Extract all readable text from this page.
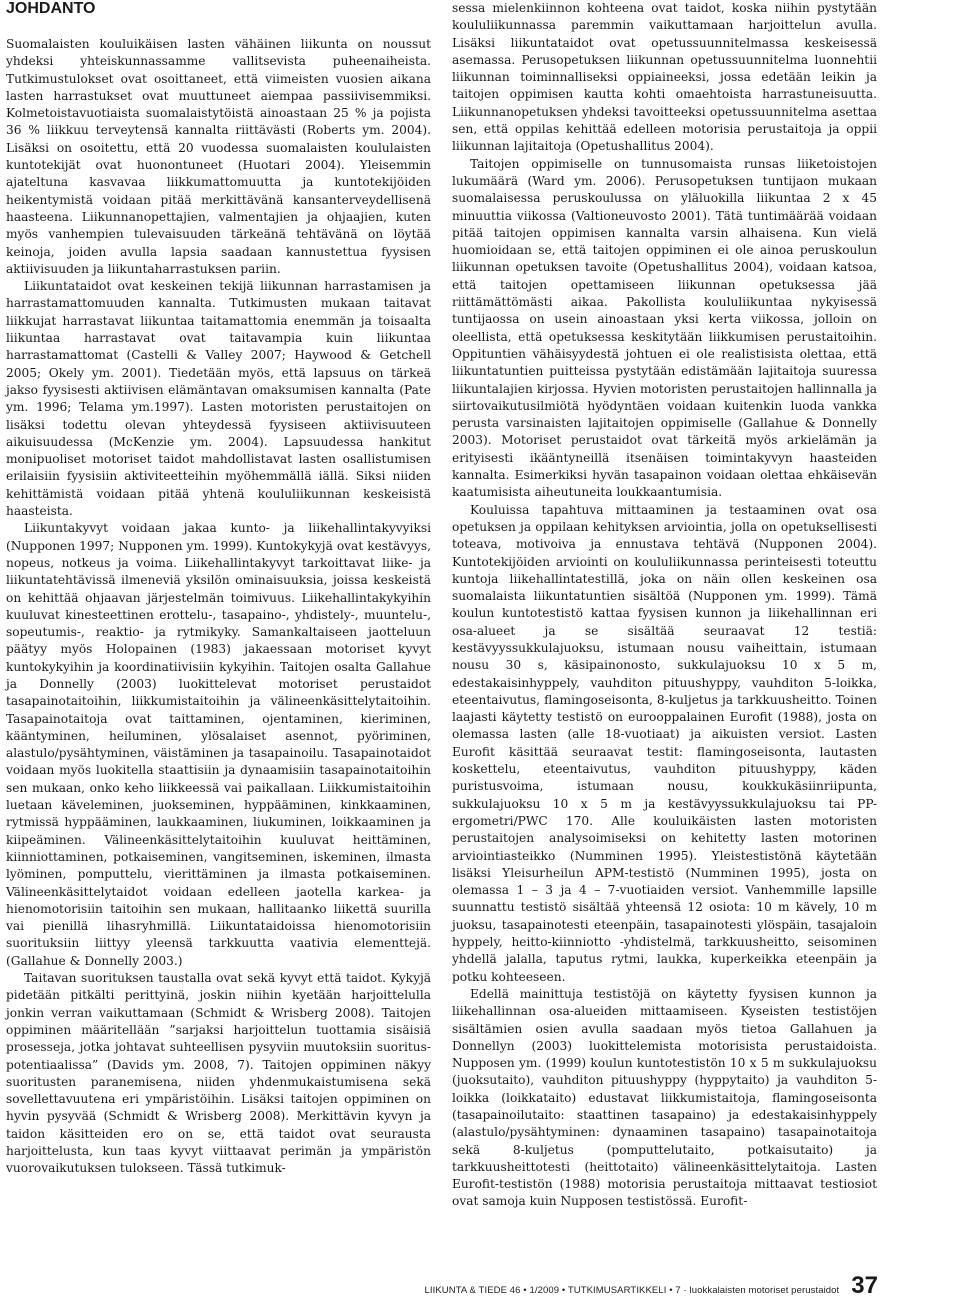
JOHDANTO

Suomalaisten kouluikäisen lasten vähäinen liikunta on noussut yhdeksi yhteiskunnassamme vallitsevista puheenaiheista. Tutkimustulokset ovat osoittaneet, että viimeisten vuosien aikana lasten harrastukset ovat muuttuneet aiempaa passiivisemmiksi. Kolmetoistavuotiaista suomalaistytöistä ainoastaan 25 % ja pojista 36 % liikkuu terveytensä kannalta riittävästi (Roberts ym. 2004). Lisäksi on osoitettu, että 20 vuodessa suomalaisten koululaisten kuntotekijät ovat huonontuneet (Huotari 2004). Yleisemmin ajateltuna kasvavaa liikkumattomuutta ja kuntotekijöiden heikentymistä voidaan pitää merkittävänä kansanterveydellisenä haasteena. Liikunnanopettajien, valmentajien ja ohjaajien, kuten myös vanhempien tulevaisuuden tärkeänä tehtävänä on löytää keinoja, joiden avulla lapsia saadaan kannustettua fyysisen aktiivisuuden ja liikuntaharrastuksen pariin.

Liikuntataidot ovat keskeinen tekijä liikunnan harrastamisen ja harrastamattomuuden kannalta. Tutkimusten mukaan taitavat liikkujat harrastavat liikuntaa taitamattomia enemmän ja toisaalta liikuntaa harrastavat ovat taitavampia kuin liikuntaa harrastamattomat (Castelli & Valley 2007; Haywood & Getchell 2005; Okely ym. 2001). Tiedetään myös, että lapsuus on tärkeä jakso fyysisesti aktiivisen elämäntavan omaksumisen kannalta (Pate ym. 1996; Telama ym.1997). Lasten motoristen perustaitojen on lisäksi todettu olevan yhteydessä fyysiseen aktiivisuuteen aikuisuudessa (McKenzie ym. 2004). Lapsuudessa hankitut monipuoliset motoriset taidot mahdollistavat lasten osallistumisen erilaisiin fyysisiin aktiviteetteihin myöhemmällä iällä. Siksi niiden kehittämistä voidaan pitää yhtenä koululiikunnan keskeisistä haasteista.

Liikuntakyvyt voidaan jakaa kunto- ja liikehallintakyvyiksi (Nupponen 1997; Nupponen ym. 1999). Kuntokykyjä ovat kestävyys, nopeus, notkeus ja voima. Liikehallintakyvyt tarkoittavat liike- ja liikuntatehtävissä ilmeneviä yksilön ominaisuuksia, joissa keskeistä on kehittää ohjaavan järjestelmän toimivuus. Liikehallintakykyihin kuuluvat kinesteettinen erottelu-, tasapaino-, yhdistely-, muuntelu-, sopeutumis-, reaktio- ja rytmikyky. Samankaltaiseen jaotteluun päätyy myös Holopainen (1983) jakaessaan motoriset kyvyt kuntokykyihin ja koordinatiivisiin kykyihin. Taitojen osalta Gallahue ja Donnelly (2003) luokittelevat motoriset perustaidot tasapainotaitoihin, liikkumistaitoihin ja välineenkäsittelytaitoihin. Tasapainotaitoja ovat taittaminen, ojentaminen, kieriminen, kääntyminen, heiluminen, ylösalaiset asennot, pyöriminen, alastulo/pysähtyminen, väistäminen ja tasapainoilu. Tasapainotaidot voidaan myös luokitella staattisiin ja dynaamisiin tasapainotaitoihin sen mukaan, onko keho liikkeessä vai paikallaan. Liikkumistaitoihin luetaan käveleminen, juokseminen, hyppääminen, kinkkaaminen, rytmissä hyppääminen, laukkaaminen, liukuminen, loikkaaminen ja kiipeäminen. Välineenkäsittelytaitoihin kuuluvat heittäminen, kiinniottaminen, potkaiseminen, vangitseminen, iskeminen, ilmasta lyöminen, pomputtelu, vierittäminen ja ilmasta potkaiseminen. Välineenkäsittelytaidot voidaan edelleen jaotella karkea- ja hienomotorisiin taitoihin sen mukaan, hallitaanko liikettä suurilla vai pienillä lihasryhmillä. Liikuntataidoissa hienomotorisiin suorituksiin liittyy yleensä tarkkuutta vaativia elementtejä. (Gallahue & Donnelly 2003.)

Taitavan suorituksen taustalla ovat sekä kyvyt että taidot. Kykyjä pidetään pitkälti perittyinä, joskin niihin kyetään harjoittelulla jonkin verran vaikuttamaan (Schmidt & Wrisberg 2008). Taitojen oppiminen määritellään ”sarjaksi harjoittelun tuottamia sisäisiä prosesseja, jotka johtavat suhteellisen pysyviin muutoksiin suorituspotentiaalissa” (Davids ym. 2008, 7). Taitojen oppiminen näkyy suoritusten paranemisena, niiden yhdenmukaistumisena sekä sovellettavuutena eri ympäristöihin. Lisäksi taitojen oppiminen on hyvin pysyvää (Schmidt & Wrisberg 2008). Merkittävin kyvyn ja taidon käsitteiden ero on se, että taidot ovat seurausta harjoittelusta, kun taas kyvyt viittaavat perimän ja ympäristön vuorovaikutuksen tulokseen. Tässä tutkimuk-

sessa mielenkiinnon kohteena ovat taidot, koska niihin pystytään koululiikunnassa paremmin vaikuttamaan harjoittelun avulla. Lisäksi liikuntataidot ovat opetussuunnitelmassa keskeisessä asemassa. Perusopetuksen liikunnan opetussuunnitelma luonnehtii liikunnan toiminnalliseksi oppiaineeksi, jossa edetään leikin ja taitojen oppimisen kautta kohti omaehtoista harrastuneisuutta. Liikunnanopetuksen yhdeksi tavoitteeksi opetussuunnitelma asettaa sen, että oppilas kehittää edelleen motorisia perustaitoja ja oppii liikunnan lajitaitoja (Opetushallitus 2004).

Taitojen oppimiselle on tunnusomaista runsas liiketoistojen lukumäärä (Ward ym. 2006). Perusopetuksen tuntijaon mukaan suomalaisessa peruskoulussa on yläluokilla liikuntaa 2 x 45 minuuttia viikossa (Valtioneuvosto 2001). Tätä tuntimäärää voidaan pitää taitojen oppimisen kannalta varsin alhaisena. Kun vielä huomioidaan se, että taitojen oppiminen ei ole ainoa peruskoulun liikunnan opetuksen tavoite (Opetushallitus 2004), voidaan katsoa, että taitojen opettamiseen liikunnan opetuksessa jää riittämättömästi aikaa. Pakollista koululiikuntaa nykyisessä tuntijaossa on usein ainoastaan yksi kerta viikossa, jolloin on oleellista, että opetuksessa keskitytään liikkumisen perustaitoihin. Oppituntien vähäisyydestä johtuen ei ole realistisista olettaa, että liikuntatuntien puitteissa pystytään edistämään lajitaitoja suuressa liikuntalajien kirjossa. Hyvien motoristen perustaitojen hallinnalla ja siirtovaikutusilmiötä hyödyntäen voidaan kuitenkin luoda vankka perusta varsinaisten lajitaitojen oppimiselle (Gallahue & Donnelly 2003). Motoriset perustaidot ovat tärkeitä myös arkielämän ja erityisesti ikääntyneillä itsenäisen toimintakyvyn haasteiden kannalta. Esimerkiksi hyvän tasapainon voidaan olettaa ehkäisevän kaatumisista aiheutuneita loukkaantumisia.

Kouluissa tapahtuva mittaaminen ja testaaminen ovat osa opetuksen ja oppilaan kehityksen arviointia, jolla on opetuksellisesti toteava, motivoiva ja ennustava tehtävä (Nupponen 2004). Kuntotekijöiden arviointi on koululiikunnassa perinteisesti toteuttu kuntoja liikehallintatestillä, joka on näin ollen keskeinen osa suomalaista liikuntatuntien sisältöä (Nupponen ym. 1999). Tämä koulun kuntotestistö kattaa fyysisen kunnon ja liikehallinnan eri osa-alueet ja se sisältää seuraavat 12 testiä: kestävyyssukkulajuoksu, istumaan nousu vaiheittain, istumaan nousu 30 s, käsipainonosto, sukkulajuoksu 10 x 5 m, edestakaisinhyppely, vauhditon pituushyppy, vauhditon 5-loikka, eteentaivutus, flamingoseisonta, 8-kuljetus ja tarkkuusheitto. Toinen laajasti käytetty testistö on eurooppalainen Eurofit (1988), josta on olemassa lasten (alle 18-vuotiaat) ja aikuisten versiot. Lasten Eurofit käsittää seuraavat testit: flamingoseisonta, lautasten koskettelu, eteentaivutus, vauhditon pituushyppy, käden puristusvoima, istumaan nousu, koukkukäsiinriipunta, sukkulajuoksu 10 x 5 m ja kestävyyssukkulajuoksu tai PP-ergometri/PWC 170. Alle kouluikäisten lasten motoristen perustaitojen analysoimiseksi on kehitetty lasten motorinen arviointiasteikko (Numminen 1995). Yleistestistönä käytetään lisäksi Yleisurheilun APM-testistö (Numminen 1995), josta on olemassa 1 – 3 ja 4 – 7-vuotiaiden versiot. Vanhemmille lapsille suunnattu testistö sisältää yhteensä 12 osiota: 10 m kävely, 10 m juoksu, tasapainotesti eteenpäin, tasapainotesti ylöspäin, tasajaloin hyppely, heitto-kiinniotto -yhdistelmä, tarkkuusheitto, seisominen yhdellä jalalla, taputus rytmi, laukka, kuperkeikka eteenpäin ja potku kohteeseen.

Edellä mainittuja testistöjä on käytetty fyysisen kunnon ja liikehallinnan osa-alueiden mittaamiseen. Kyseisten testistöjen sisältämien osien avulla saadaan myös tietoa Gallahuen ja Donnellyn (2003) luokittelemista motorisista perustaidoista. Nupposen ym. (1999) koulun kuntotestistön 10 x 5 m sukkulajuoksu (juoksutaito), vauhditon pituushyppy (hyppytaito) ja vauhditon 5-loikka (loikkataito) edustavat liikkumistaitoja, flamingoseisonta (tasapainoilutaito: staattinen tasapaino) ja edestakaisinhyppely (alastulo/pysähtyminen: dynaaminen tasapaino) tasapainotaitoja sekä 8-kuljetus (pomputtelutaito, potkaisutaito) ja tarkkuusheittotesti (heittotaito) välineenkäsittelytaitoja. Lasten Eurofit-testistön (1988) motorisia perustaitoja mittaavat testiosiot ovat samoja kuin Nupposen testistössä. Eurofit-

LIIKUNTA & TIEDE 46 • 1/2009 • TUTKIMUSARTIKKELI • 7 · luokkalaisten motoriset perustaidot 37
